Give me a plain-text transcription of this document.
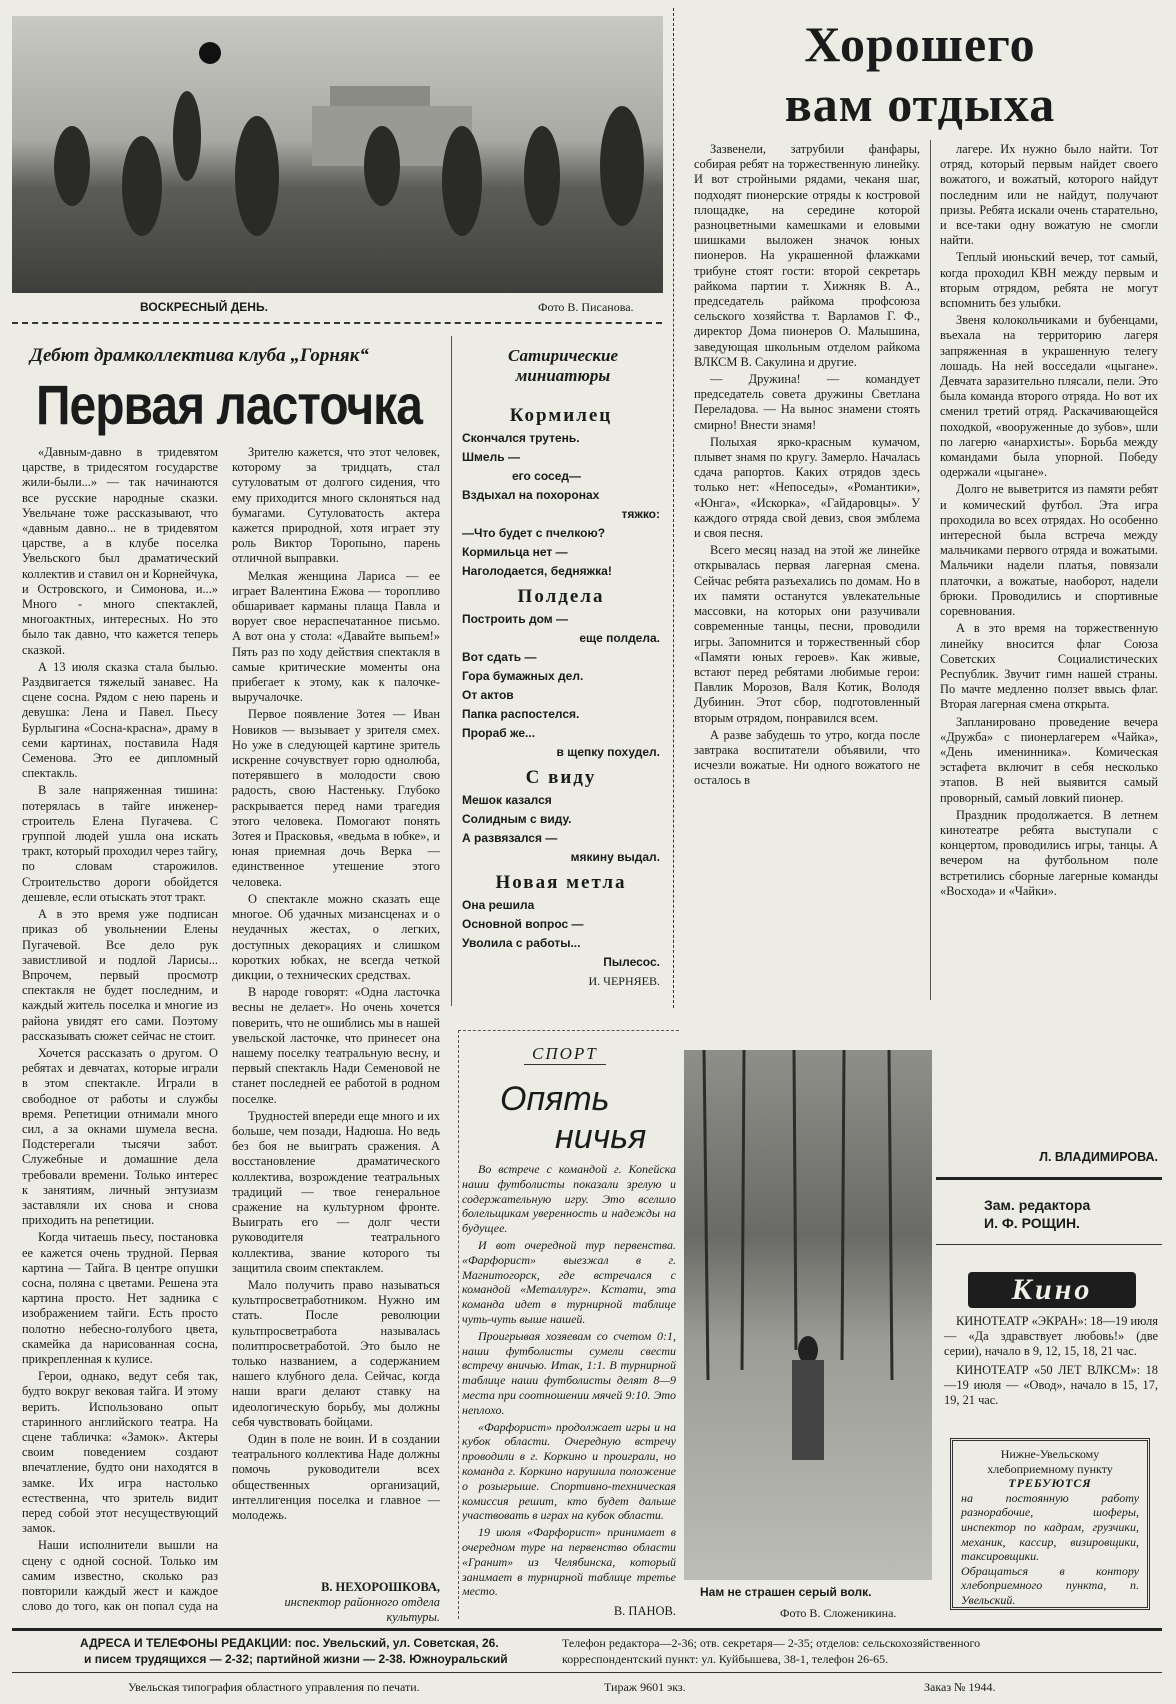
ВОСКРЕСНЫЙ ДЕНЬ.	Фото В. Писанова.
Хорошего
вам отдыха
Дебют драмколлектива клуба „Горняк“
Первая ласточка

«Давным-давно в тридевятом царстве, в тридесятом государстве жили-были...» — так начинаются все русские народные сказки. Увельчане тоже рассказывают, что «давным давно... не в тридевятом царстве, а в клубе поселка Увельского был драматический коллектив и ставил он и Корнейчука, и Островского, и Симонова, и...» Много - много спектаклей, многоактных, интересных. Но это было так давно, что кажется теперь сказкой.

А 13 июля сказка стала былью. Раздвигается тяжелый занавес. На сцене сосна. Рядом с нею парень и девушка: Лена и Павел. Пьесу Бурлыгина «Сосна-красна», драму в семи картинах, поставила Надя Семенова. Это ее дипломный спектакль.

В зале напряженная тишина: потерялась в тайге инженер-строитель Елена Пугачева. С группой людей ушла она искать тракт, который проходил через тайгу, по словам старожилов. Строительство дороги обойдется дешевле, если отыскать этот тракт.

А в это время уже подписан приказ об увольнении Елены Пугачевой. Все дело рук завистливой и подлой Ларисы... Впрочем, первый просмотр спектакля не будет последним, и каждый житель поселка и многие из района увидят его сами. Поэтому рассказывать сюжет сейчас не стоит.

Хочется рассказать о другом. О ребятах и девчатах, которые играли в этом спектакле. Играли в свободное от работы и службы время. Репетиции отнимали много сил, а за окнами шумела весна. Подстерегали тысячи забот. Служебные и домашние дела требовали времени. Только интерес к занятиям, личный энтузиазм заставляли их снова и снова приходить на репетиции.

Когда читаешь пьесу, постановка ее кажется очень трудной. Первая картина — Тайга. В центре опушки сосна, поляна с цветами. Решена эта картина просто. Нет задника с изображением тайги. Есть просто полотно небесно-голубого цвета, скамейка да нарисованная сосна, прикрепленная к кулисе.

Герои, однако, ведут себя так, будто вокруг вековая тайга. И этому верить. Использовано опыт старинного английского театра. На сцене табличка: «Замок». Актеры своим поведением создают впечатление, будто они находятся в замке. Их игра настолько естественна, что зритель видит перед собой этот несуществующий замок.

Наши исполнители вышли на сцену с одной сосной. Только им самим известно, сколько раз повторили каждый жест и каждое слово до того, как он попал суда на

Зрителю кажется, что этот человек, которому за тридцать, стал сутуловатым от долгого сидения, что ему приходится много склоняться над бумагами. Сутуловатость актера кажется природной, хотя играет эту роль Виктор Торопыно, парень отличной выправки.

Мелкая женщина Лариса — ее играет Валентина Ежова — торопливо обшаривает карманы плаща Павла и ворует свое нераспечатанное письмо. А вот она у стола: «Давайте выпьем!» Пять раз по ходу действия спектакля в самые критические моменты она прибегает к этому, как к палочке-выручалочке.

Первое появление Зотея — Иван Новиков — вызывает у зрителя смех. Но уже в следующей картине зритель искренне сочувствует горю однолюба, потерявшего в молодости свою радость, свою Настеньку. Глубоко раскрывается перед нами трагедия этого человека. Помогают понять Зотея и Прасковья, «ведьма в юбке», и юная приемная дочь Верка — единственное утешение этого человека.

О спектакле можно сказать еще многое. Об удачных мизансценах и о неудачных жестах, о легких, доступных декорациях и слишком коротких юбках, не всегда четкой дикции, о технических средствах.

В народе говорят: «Одна ласточка весны не делает». Но очень хочется поверить, что не ошиблись мы в нашей увельской ласточке, что принесет она нашему поселку театральную весну, и первый спектакль Нади Семеновой не станет последней ее работой в родном поселке.

Трудностей впереди еще много и их больше, чем позади, Надюша. Но ведь без боя не выиграть сражения. А восстановление драматического коллектива, возрождение театральных традиций — твое генеральное сражение на культурном фронте. Выиграть его — долг чести руководителя театрального коллектива, звание которого ты защитила своим спектаклем.

Мало получить право называться культпросветработником. Нужно им стать. После революции культпросветработа называлась политпросветработой. Это было не только названием, а содержанием нашего клубного дела. Сейчас, когда наши враги делают ставку на идеологическую борьбу, мы должны себя чувствовать бойцами.

Один в поле не воин. И в создании театрального коллектива Наде должны помочь руководители всех общественных организаций, интеллигенция поселка и главное — молодежь.

В. НЕХОРОШКОВА,
инспектор районного отдела культуры.
Сатирические миниатюры
Кормилец
Скончался трутень.
Шмель —
его сосед—
Вздыхал на похоронах
тяжко:
—Что будет с пчелкою?
Кормильца нет —
Наголодается, бедняжка!
Полдела
Построить дом —
еще полдела.
Вот сдать —
Гора бумажных дел.
От актов
Папка распостелся.
Прораб же...
в щепку похудел.
С виду
Мешок казался
Солидным с виду.
А развязался —
мякину выдал.
Новая метла
Она решила
Основной вопрос —
Уволила с работы...
Пылесос.
И. ЧЕРНЯЕВ.

Зазвенели, затрубили фанфары, собирая ребят на торжественную линейку. И вот стройными рядами, чеканя шаг, подходят пионерские отряды к костровой площадке, на середине которой разноцветными камешками и еловыми шишками выложен значок юных пионеров. На украшенной флажками трибуне стоят гости: второй секретарь райкома партии т. Хижняк В. А., председатель райкома профсоюза сельского хозяйства т. Варламов Г. Ф., директор Дома пионеров О. Малышина, заведующая школьным отделом райкома ВЛКСМ В. Сакулина и другие.

— Дружина! — командует председатель совета дружины Светлана Переладова. — На вынос знамени стоять смирно! Внести знамя!

Полыхая ярко-красным кумачом, плывет знамя по кругу. Замерло. Началась сдача рапортов. Каких отрядов здесь только нет: «Непоседы», «Романтики», «Юнга», «Искорка», «Гайдаровцы». У каждого отряда свой девиз, своя эмблема и своя песня.

Всего месяц назад на этой же линейке открывалась первая лагерная смена. Сейчас ребята разъехались по домам. Но в их памяти останутся увлекательные массовки, на которых они разучивали современные танцы, песни, проводили игры. Запомнится и торжественный сбор «Памяти юных героев». Как живые, встают перед ребятами любимые герои: Павлик Морозов, Валя Котик, Володя Дубинин. Этот сбор, подготовленный вторым отрядом, понравился всем.

А разве забудешь то утро, когда после завтрака воспитатели объявили, что исчезли вожатые. Ни одного вожатого не осталось в

лагере. Их нужно было найти. Тот отряд, который первым найдет своего вожатого, и вожатый, которого найдут последним или не найдут, получают призы. Ребята искали очень старательно, и все-таки одну вожатую не смогли найти.

Теплый июньский вечер, тот самый, когда проходил КВН между первым и вторым отрядом, ребята не могут вспомнить без улыбки.

Звеня колокольчиками и бубенцами, въехала на территорию лагеря запряженная в украшенную телегу лошадь. На ней восседали «цыгане». Девчата заразительно плясали, пели. Это была команда второго отряда. Но вот их сменил третий отряд. Раскачивающейся походкой, «вооруженные до зубов», шли по лагерю «анархисты». Борьба между командами была упорной. Победу одержали «цыгане».

Долго не выветрится из памяти ребят и комический футбол. Эта игра проходила во всех отрядах. Но особенно интересной была встреча между мальчиками первого отряда и вожатыми. Мальчики надели платья, повязали платочки, а вожатые, наоборот, надели брюки. Проводились и спортивные соревнования.

А в это время на торжественную линейку вносится флаг Союза Советских Социалистических Республик. Звучит гимн нашей страны. По мачте медленно ползет ввысь флаг. Вторая лагерная смена открыта.

Запланировано проведение вечера «Дружба» с пионерлагерем «Чайка», «День именинника». Комическая эстафета включит в себя несколько этапов. В ней выявится самый проворный, самый ловкий пионер.

Праздник продолжается. В летнем кинотеатре ребята выступали с концертом, проводились игры, танцы. А вечером на футбольном поле встретились сборные лагерные команды «Восхода» и «Чайки».

Л. ВЛАДИМИРОВА.
СПОРТ
Опять
ничья

Во встрече с командой г. Копейска наши футболисты показали зрелую и содержательную игру. Это вселило болельщикам уверенность и надежды на будущее.

И вот очередной тур первенства. «Фарфорист» выезжал в г. Магнитогорск, где встречался с командой «Металлург». Кстати, эта команда идет в турнирной таблице чуть-чуть выше нашей.

Проигрывая хозяевам со счетом 0:1, наши футболисты сумели свести встречу вничью. Итак, 1:1. В турнирной таблице наши футболисты делят 8—9 места при соотношении мячей 9:10. Это неплохо.

«Фарфорист» продолжает игры и на кубок области. Очередную встречу проводили в г. Коркино и проиграли, но команда г. Коркино нарушила положение о розыгрыше. Спортивно-техническая комиссия решит, кто будет дальше участвовать в играх на кубок области.

19 июля «Фарфорист» принимает в очередном туре на первенство области «Гранит» из Челябинска, который занимает в турнирной таблице третье место.

В. ПАНОВ.
Нам не страшен серый волк.
Фото В. Сложеникина.
Зам. редактора
И. Ф. РОЩИН.
Кино

КИНОТЕАТР «ЭКРАН»: 18—19 июля — «Да здравствует любовь!» (две серии), начало в 9, 12, 15, 18, 21 час.

КИНОТЕАТР «50 ЛЕТ ВЛКСМ»: 18—19 июля — «Овод», начало в 15, 17, 19, 21 час.

Нижне-Увельскому
хлебоприемному пункту
ТРЕБУЮТСЯ
на постоянную работу разнорабочие, шоферы, инспектор по кадрам, грузчики, механик, кассир, визировщики, таксировщики.
Обращаться в контору хлебоприемного пункта, п. Увельский.
АДРЕСА И ТЕЛЕФОНЫ РЕДАКЦИИ: пос. Увельский, ул. Советская, 26.
и писем трудящихся — 2-32; партийной жизни — 2-38. Южноуральский
Телефон редактора—2-36; отв. секретаря— 2-35; отделов: сельскохозяйственного
корреспондентский пункт: ул. Куйбышева, 38-1, телефон 26-65.
Увельская типография областного управления по печати.	Тираж 9601 экз.	Заказ № 1944.
